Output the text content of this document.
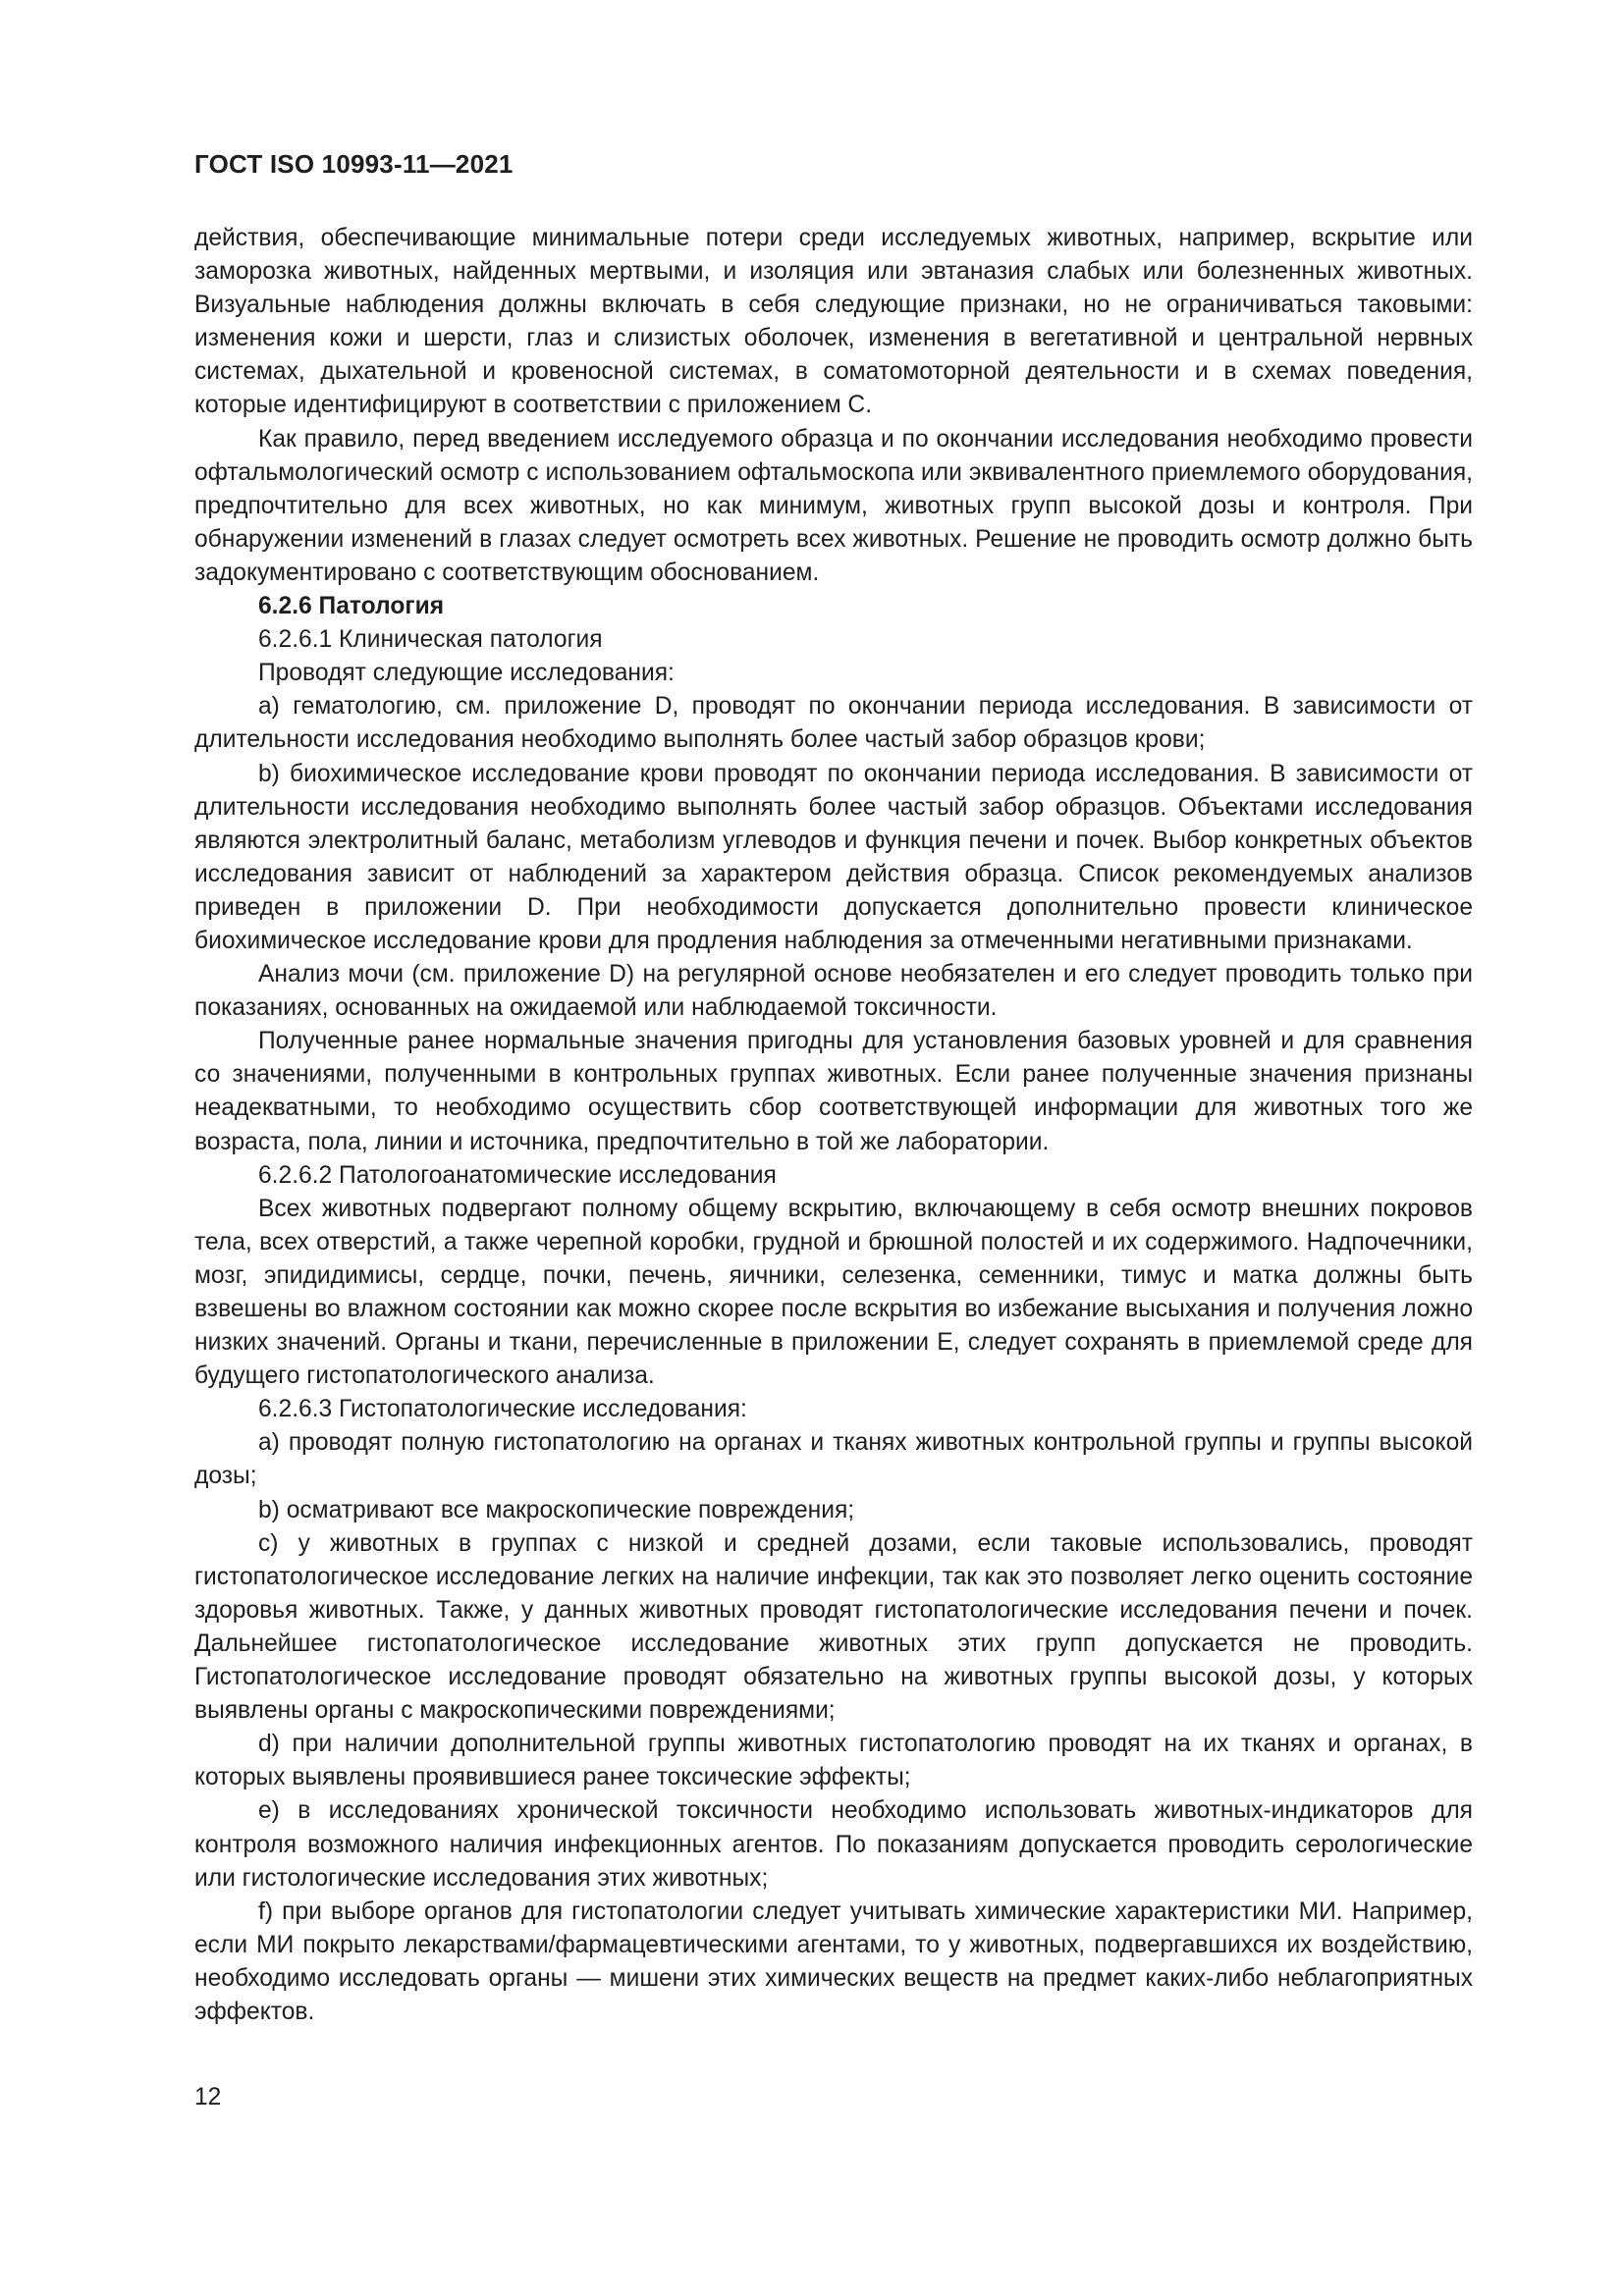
ГОСТ ISO 10993-11—2021

действия, обеспечивающие минимальные потери среди исследуемых животных, например, вскрытие или заморозка животных, найденных мертвыми, и изоляция или эвтаназия слабых или болезненных животных. Визуальные наблюдения должны включать в себя следующие признаки, но не ограничиваться таковыми: изменения кожи и шерсти, глаз и слизистых оболочек, изменения в вегетативной и центральной нервных системах, дыхательной и кровеносной системах, в соматомоторной деятельности и в схемах поведения, которые идентифицируют в соответствии с приложением С.

Как правило, перед введением исследуемого образца и по окончании исследования необходимо провести офтальмологический осмотр с использованием офтальмоскопа или эквивалентного приемлемого оборудования, предпочтительно для всех животных, но как минимум, животных групп высокой дозы и контроля. При обнаружении изменений в глазах следует осмотреть всех животных. Решение не проводить осмотр должно быть задокументировано с соответствующим обоснованием.

6.2.6 Патология

6.2.6.1 Клиническая патология

Проводят следующие исследования:

a) гематологию, см. приложение D, проводят по окончании периода исследования. В зависимости от длительности исследования необходимо выполнять более частый забор образцов крови;

b) биохимическое исследование крови проводят по окончании периода исследования. В зависимости от длительности исследования необходимо выполнять более частый забор образцов. Объектами исследования являются электролитный баланс, метаболизм углеводов и функция печени и почек. Выбор конкретных объектов исследования зависит от наблюдений за характером действия образца. Список рекомендуемых анализов приведен в приложении D. При необходимости допускается дополнительно провести клиническое биохимическое исследование крови для продления наблюдения за отмеченными негативными признаками.

Анализ мочи (см. приложение D) на регулярной основе необязателен и его следует проводить только при показаниях, основанных на ожидаемой или наблюдаемой токсичности.

Полученные ранее нормальные значения пригодны для установления базовых уровней и для сравнения со значениями, полученными в контрольных группах животных. Если ранее полученные значения признаны неадекватными, то необходимо осуществить сбор соответствующей информации для животных того же возраста, пола, линии и источника, предпочтительно в той же лаборатории.

6.2.6.2 Патологоанатомические исследования

Всех животных подвергают полному общему вскрытию, включающему в себя осмотр внешних покровов тела, всех отверстий, а также черепной коробки, грудной и брюшной полостей и их содержимого. Надпочечники, мозг, эпидидимисы, сердце, почки, печень, яичники, селезенка, семенники, тимус и матка должны быть взвешены во влажном состоянии как можно скорее после вскрытия во избежание высыхания и получения ложно низких значений. Органы и ткани, перечисленные в приложении Е, следует сохранять в приемлемой среде для будущего гистопатологического анализа.

6.2.6.3 Гистопатологические исследования:

a) проводят полную гистопатологию на органах и тканях животных контрольной группы и группы высокой дозы;

b) осматривают все макроскопические повреждения;

c) у животных в группах с низкой и средней дозами, если таковые использовались, проводят гистопатологическое исследование легких на наличие инфекции, так как это позволяет легко оценить состояние здоровья животных. Также, у данных животных проводят гистопатологические исследования печени и почек. Дальнейшее гистопатологическое исследование животных этих групп допускается не проводить. Гистопатологическое исследование проводят обязательно на животных группы высокой дозы, у которых выявлены органы с макроскопическими повреждениями;

d) при наличии дополнительной группы животных гистопатологию проводят на их тканях и органах, в которых выявлены проявившиеся ранее токсические эффекты;

e) в исследованиях хронической токсичности необходимо использовать животных-индикаторов для контроля возможного наличия инфекционных агентов. По показаниям допускается проводить серологические или гистологические исследования этих животных;

f) при выборе органов для гистопатологии следует учитывать химические характеристики МИ. Например, если МИ покрыто лекарствами/фармацевтическими агентами, то у животных, подвергавшихся их воздействию, необходимо исследовать органы — мишени этих химических веществ на предмет каких-либо неблагоприятных эффектов.

12
